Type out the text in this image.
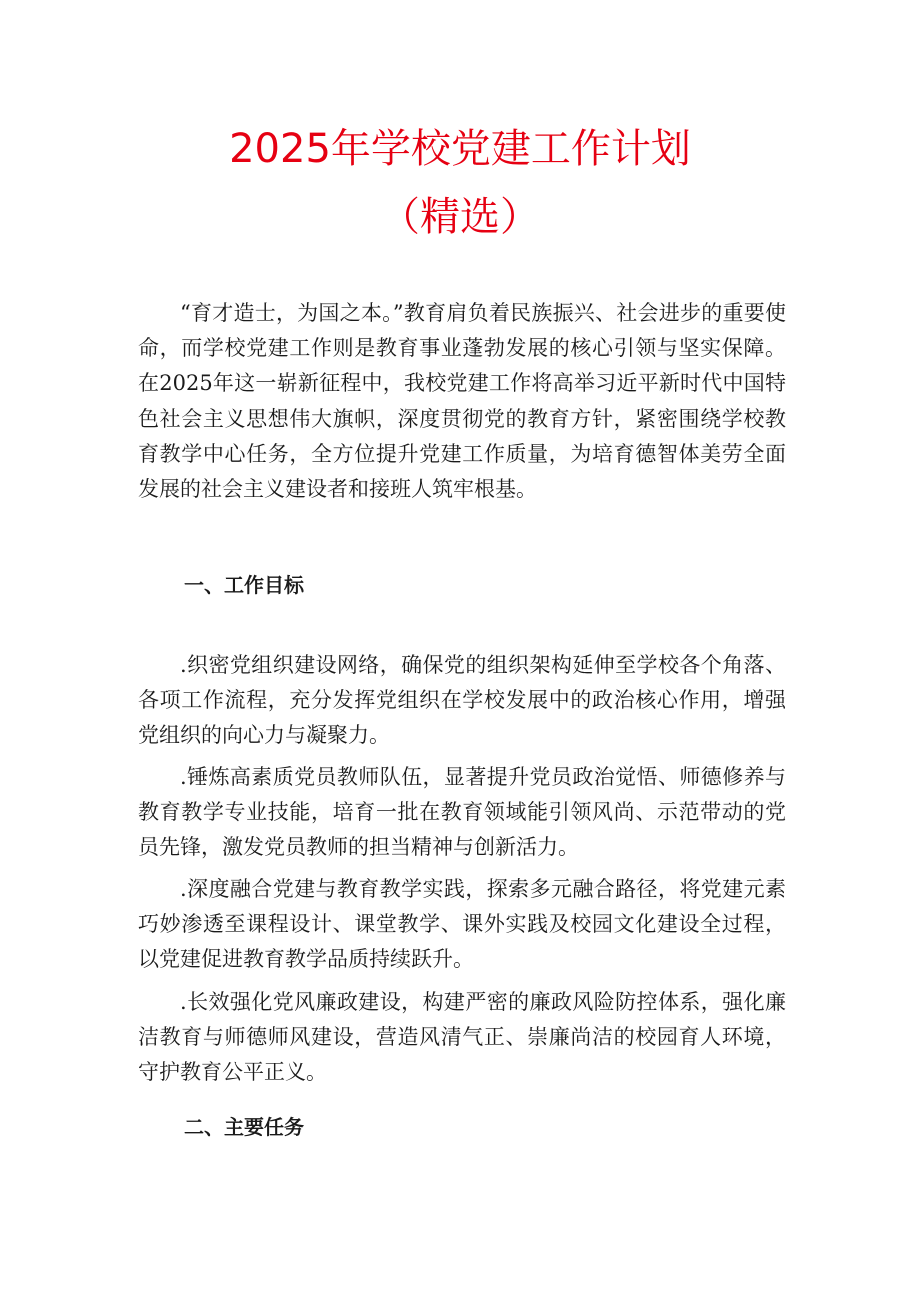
2025年学校党建工作计划
（精选）

“育才造士，为国之本。”教育肩负着民族振兴、社会进步的重要使命，而学校党建工作则是教育事业蓬勃发展的核心引领与坚实保障。在2025年这一崭新征程中，我校党建工作将高举习近平新时代中国特色社会主义思想伟大旗帜，深度贯彻党的教育方针，紧密围绕学校教育教学中心任务，全方位提升党建工作质量，为培育德智体美劳全面发展的社会主义建设者和接班人筑牢根基。

一、工作目标

.织密党组织建设网络，确保党的组织架构延伸至学校各个角落、各项工作流程，充分发挥党组织在学校发展中的政治核心作用，增强党组织的向心力与凝聚力。

.锤炼高素质党员教师队伍，显著提升党员政治觉悟、师德修养与教育教学专业技能，培育一批在教育领域能引领风尚、示范带动的党员先锋，激发党员教师的担当精神与创新活力。

.深度融合党建与教育教学实践，探索多元融合路径，将党建元素巧妙渗透至课程设计、课堂教学、课外实践及校园文化建设全过程，以党建促进教育教学品质持续跃升。

.长效强化党风廉政建设，构建严密的廉政风险防控体系，强化廉洁教育与师德师风建设，营造风清气正、崇廉尚洁的校园育人环境，守护教育公平正义。

二、主要任务
